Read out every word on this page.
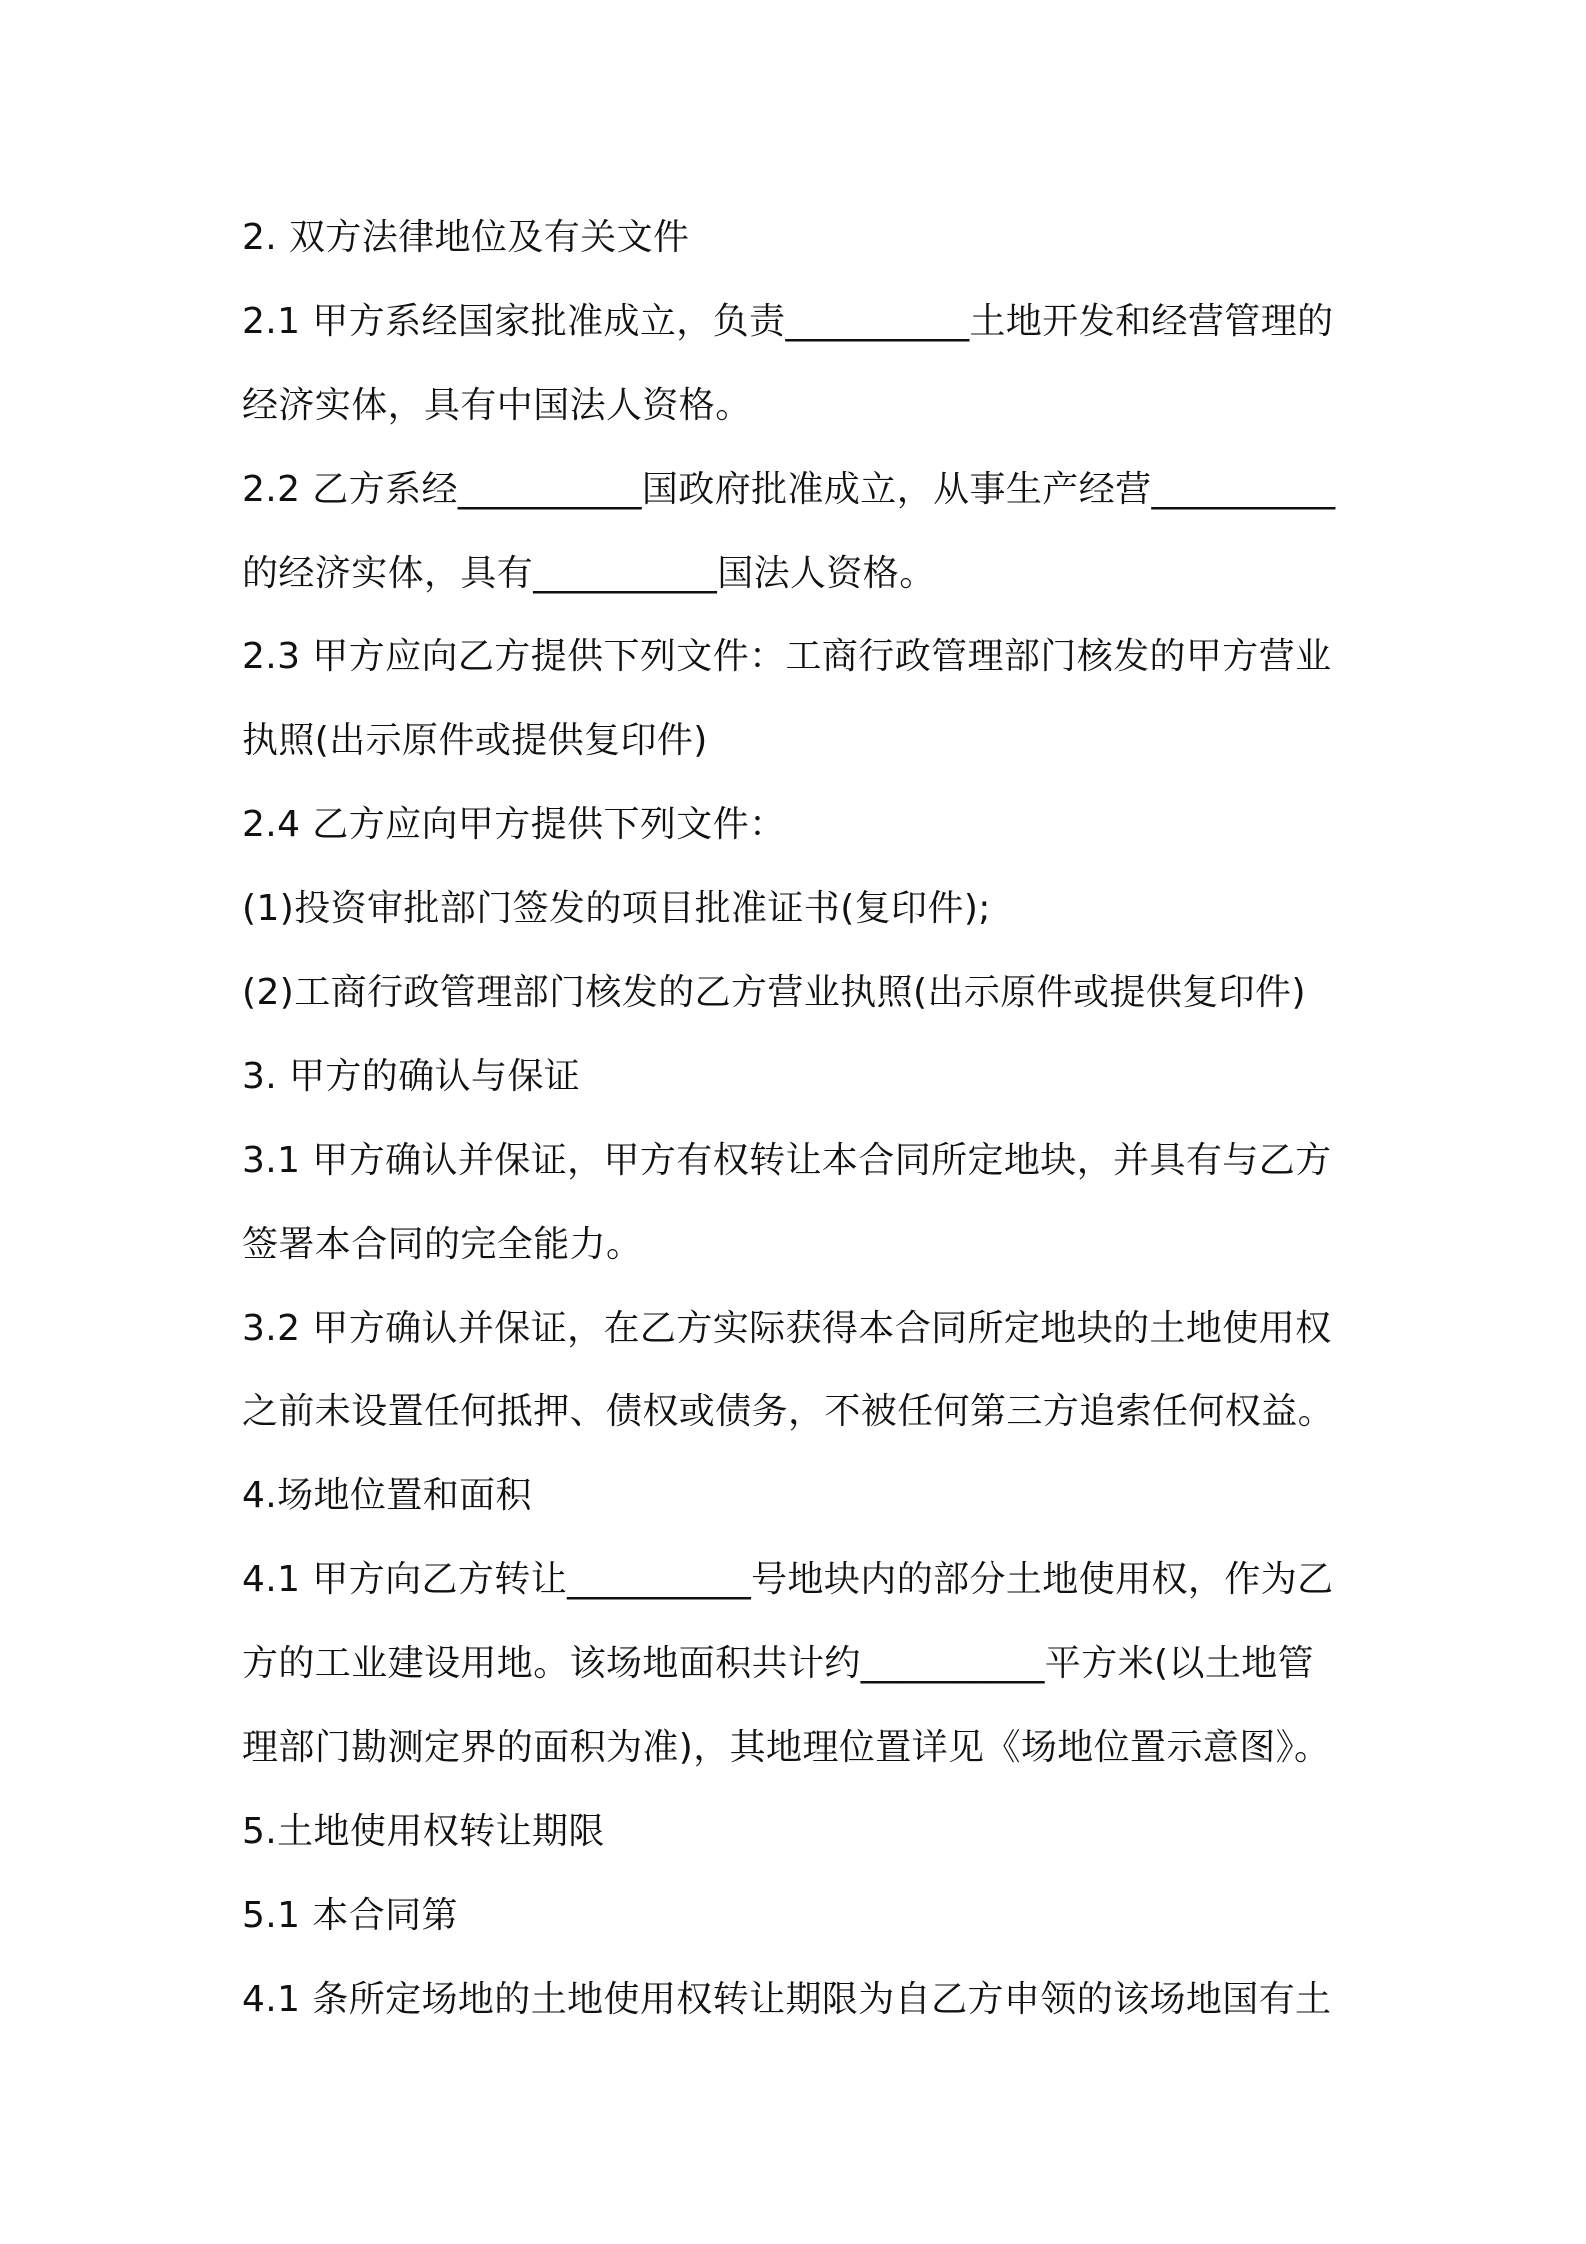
2. 双方法律地位及有关文件
2.1 甲方系经国家批准成立，负责__________土地开发和经营管理的
经济实体，具有中国法人资格。
2.2 乙方系经__________国政府批准成立，从事生产经营__________
的经济实体，具有__________国法人资格。
2.3 甲方应向乙方提供下列文件：工商行政管理部门核发的甲方营业
执照(出示原件或提供复印件)
2.4 乙方应向甲方提供下列文件：
(1)投资审批部门签发的项目批准证书(复印件);
(2)工商行政管理部门核发的乙方营业执照(出示原件或提供复印件)
3. 甲方的确认与保证
3.1 甲方确认并保证，甲方有权转让本合同所定地块，并具有与乙方
签署本合同的完全能力。
3.2 甲方确认并保证，在乙方实际获得本合同所定地块的土地使用权
之前未设置任何抵押、债权或债务，不被任何第三方追索任何权益。
4.场地位置和面积
4.1 甲方向乙方转让__________号地块内的部分土地使用权，作为乙
方的工业建设用地。该场地面积共计约__________平方米(以土地管
理部门勘测定界的面积为准)，其地理位置详见《场地位置示意图》。
5.土地使用权转让期限
5.1 本合同第
4.1 条所定场地的土地使用权转让期限为自乙方申领的该场地国有土
